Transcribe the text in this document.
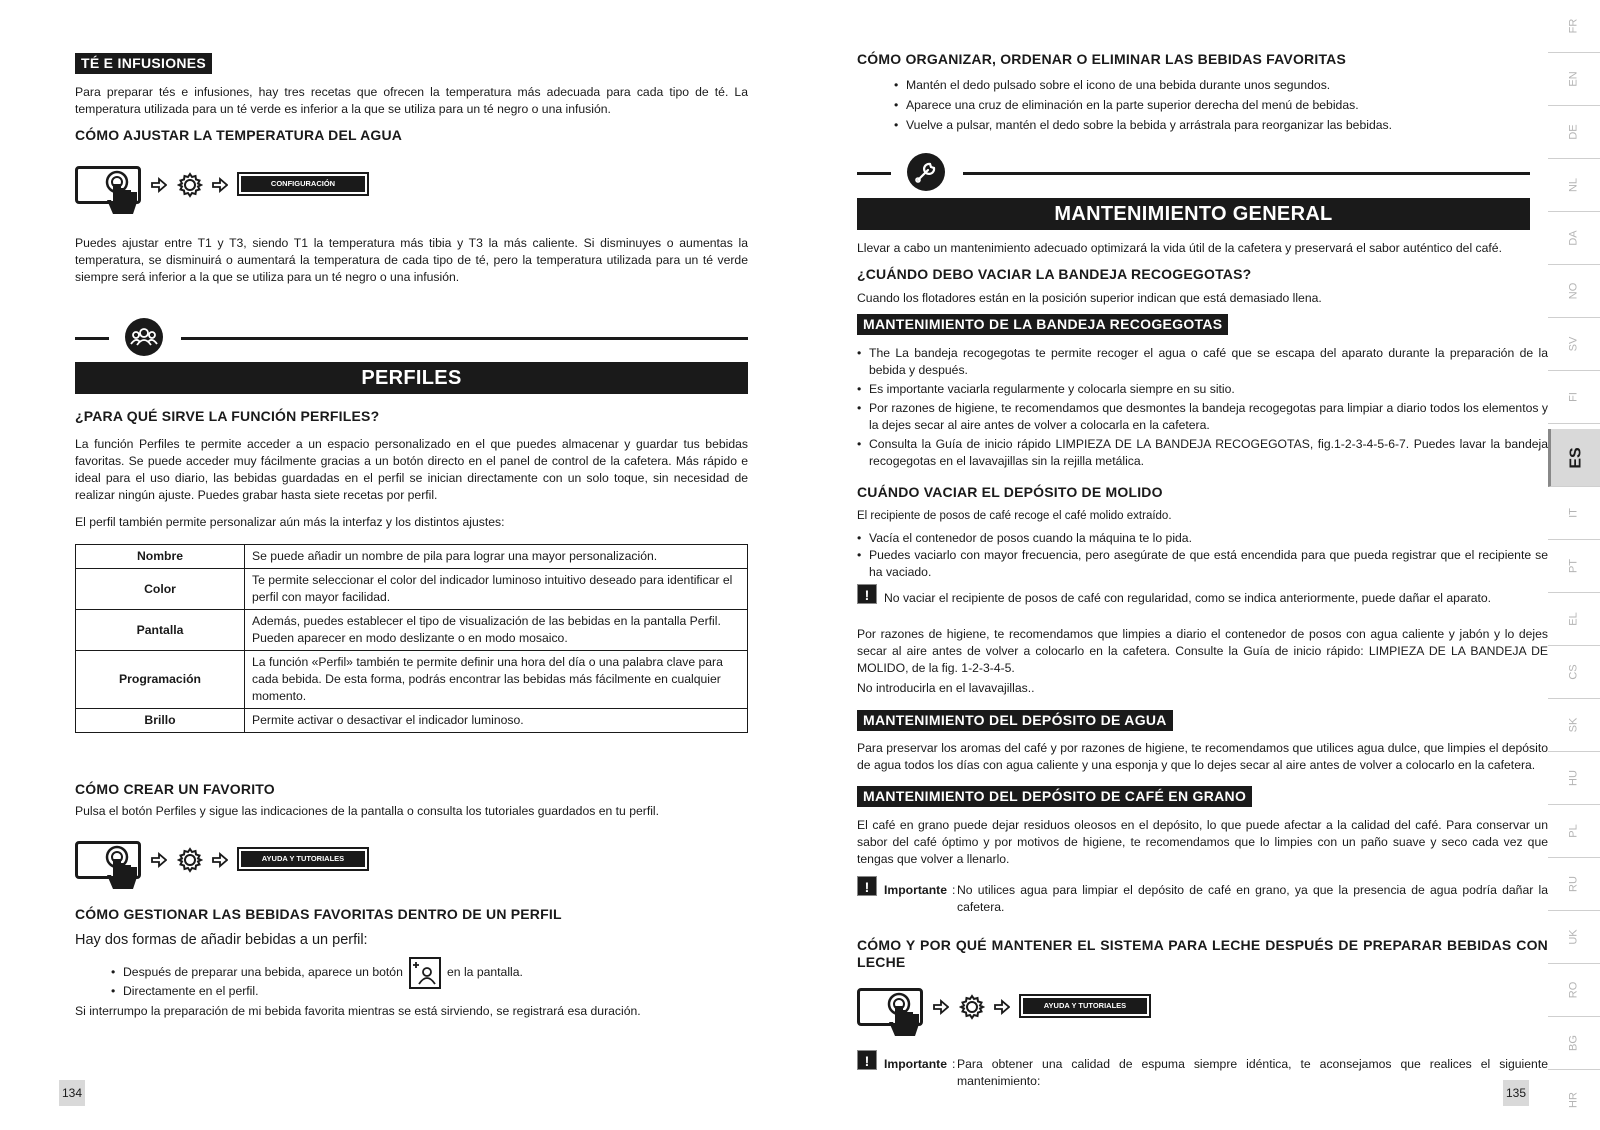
TÉ E INFUSIONES

Para preparar tés e infusiones, hay tres recetas que ofrecen la temperatura más adecuada para cada tipo de té. La temperatura utilizada para un té verde es inferior a la que se utiliza para un té negro o una infusión.

CÓMO AJUSTAR LA TEMPERATURA DEL AGUA
CONFIGURACIÓN

Puedes ajustar entre T1 y T3, siendo T1 la temperatura más tibia y T3 la más caliente. Si disminuyes o aumentas la temperatura, se disminuirá o aumentará la temperatura de cada tipo de té, pero la temperatura utilizada para un té verde siempre será inferior a la que se utiliza para un té negro o una infusión.

PERFILES
¿PARA QUÉ SIRVE LA FUNCIÓN PERFILES?

La función Perfiles te permite acceder a un espacio personalizado en el que puedes almacenar y guardar tus bebidas favoritas. Se puede acceder muy fácilmente gracias a un botón directo en el panel de control de la cafetera. Más rápido e ideal para el uso diario, las bebidas guardadas en el perfil se inician directamente con un solo toque, sin necesidad de realizar ningún ajuste. Puedes grabar hasta siete recetas por perfil.

El perfil también permite personalizar aún más la interfaz y los distintos ajustes:

Nombre	Se puede añadir un nombre de pila para lograr una mayor personalización.
Color	Te permite seleccionar el color del indicador luminoso intuitivo deseado para identificar el perfil con mayor facilidad.
Pantalla	Además, puedes establecer el tipo de visualización de las bebidas en la pantalla Perfil. Pueden aparecer en modo deslizante o en modo mosaico.
Programación	La función «Perfil» también te permite definir una hora del día o una palabra clave para cada bebida. De esta forma, podrás encontrar las bebidas más fácilmente en cualquier momento.
Brillo	Permite activar o desactivar el indicador luminoso.
CÓMO CREAR UN FAVORITO

Pulsa el botón Perfiles y sigue las indicaciones de la pantalla o consulta los tutoriales guardados en tu perfil.

AYUDA Y TUTORIALES
CÓMO GESTIONAR LAS BEBIDAS FAVORITAS DENTRO DE UN PERFIL

Hay dos formas de añadir bebidas a un perfil:

• Después de preparar una bebida, aparece un botón	en la pantalla.
• Directamente en el perfil.

Si interrumpo la preparación de mi bebida favorita mientras se está sirviendo, se registrará esa duración.

134
CÓMO ORGANIZAR, ORDENAR O ELIMINAR LAS BEBIDAS FAVORITAS
• Mantén el dedo pulsado sobre el icono de una bebida durante unos segundos.
• Aparece una cruz de eliminación en la parte superior derecha del menú de bebidas.
• Vuelve a pulsar, mantén el dedo sobre la bebida y arrástrala para reorganizar las bebidas.
MANTENIMIENTO GENERAL

Llevar a cabo un mantenimiento adecuado optimizará la vida útil de la cafetera y preservará el sabor auténtico del café.

¿CUÁNDO DEBO VACIAR LA BANDEJA RECOGEGOTAS?

Cuando los flotadores están en la posición superior indican que está demasiado llena.

MANTENIMIENTO DE LA BANDEJA RECOGEGOTAS
• The La bandeja recogegotas te permite recoger el agua o café que se escapa del aparato durante la preparación de la bebida y después.
• Es importante vaciarla regularmente y colocarla siempre en su sitio.
• Por razones de higiene, te recomendamos que desmontes la bandeja recogegotas para limpiar a diario todos los elementos y la dejes secar al aire antes de volver a colocarla en la cafetera.
• Consulta la Guía de inicio rápido LIMPIEZA DE LA BANDEJA RECOGEGOTAS, fig.1-2-3-4-5-6-7. Puedes lavar la bandeja recogegotas en el lavavajillas sin la rejilla metálica.
CUÁNDO VACIAR EL DEPÓSITO DE MOLIDO

El recipiente de posos de café recoge el café molido extraído.

• Vacía el contenedor de posos cuando la máquina te lo pida.
• Puedes vaciarlo con mayor frecuencia, pero asegúrate de que está encendida para que pueda registrar que el recipiente se ha vaciado.
!	No vaciar el recipiente de posos de café con regularidad, como se indica anteriormente, puede dañar el aparato.

Por razones de higiene, te recomendamos que limpies a diario el contenedor de posos con agua caliente y jabón y lo dejes secar al aire antes de volver a colocarlo en la cafetera. Consulte la Guía de inicio rápido: LIMPIEZA DE LA BANDEJA DE MOLIDO, de la fig. 1-2-3-4-5.

No introducirla en el lavavajillas..

MANTENIMIENTO DEL DEPÓSITO DE AGUA

Para preservar los aromas del café y por razones de higiene, te recomendamos que utilices agua dulce, que limpies el depósito de agua todos los días con agua caliente y una esponja y que lo dejes secar al aire antes de volver a colocarlo en la cafetera.

MANTENIMIENTO DEL DEPÓSITO DE CAFÉ EN GRANO

El café en grano puede dejar residuos oleosos en el depósito, lo que puede afectar a la calidad del café. Para conservar un sabor del café óptimo y por motivos de higiene, te recomendamos que lo limpies con un paño suave y seco cada vez que tengas que volver a llenarlo.

!	Importante : No utilices agua para limpiar el depósito de café en grano, ya que la presencia de agua podría dañar la cafetera.
CÓMO Y POR QUÉ MANTENER EL SISTEMA PARA LECHE DESPUÉS DE PREPARAR BEBIDAS CON LECHE
AYUDA Y TUTORIALES
!	Importante : Para obtener una calidad de espuma siempre idéntica, te aconsejamos que realices el siguiente mantenimiento:
135
FR
EN
DE
NL
DA
NO
SV
FI
ES
IT
PT
EL
CS
SK
HU
PL
RU
UK
RO
BG
HR
